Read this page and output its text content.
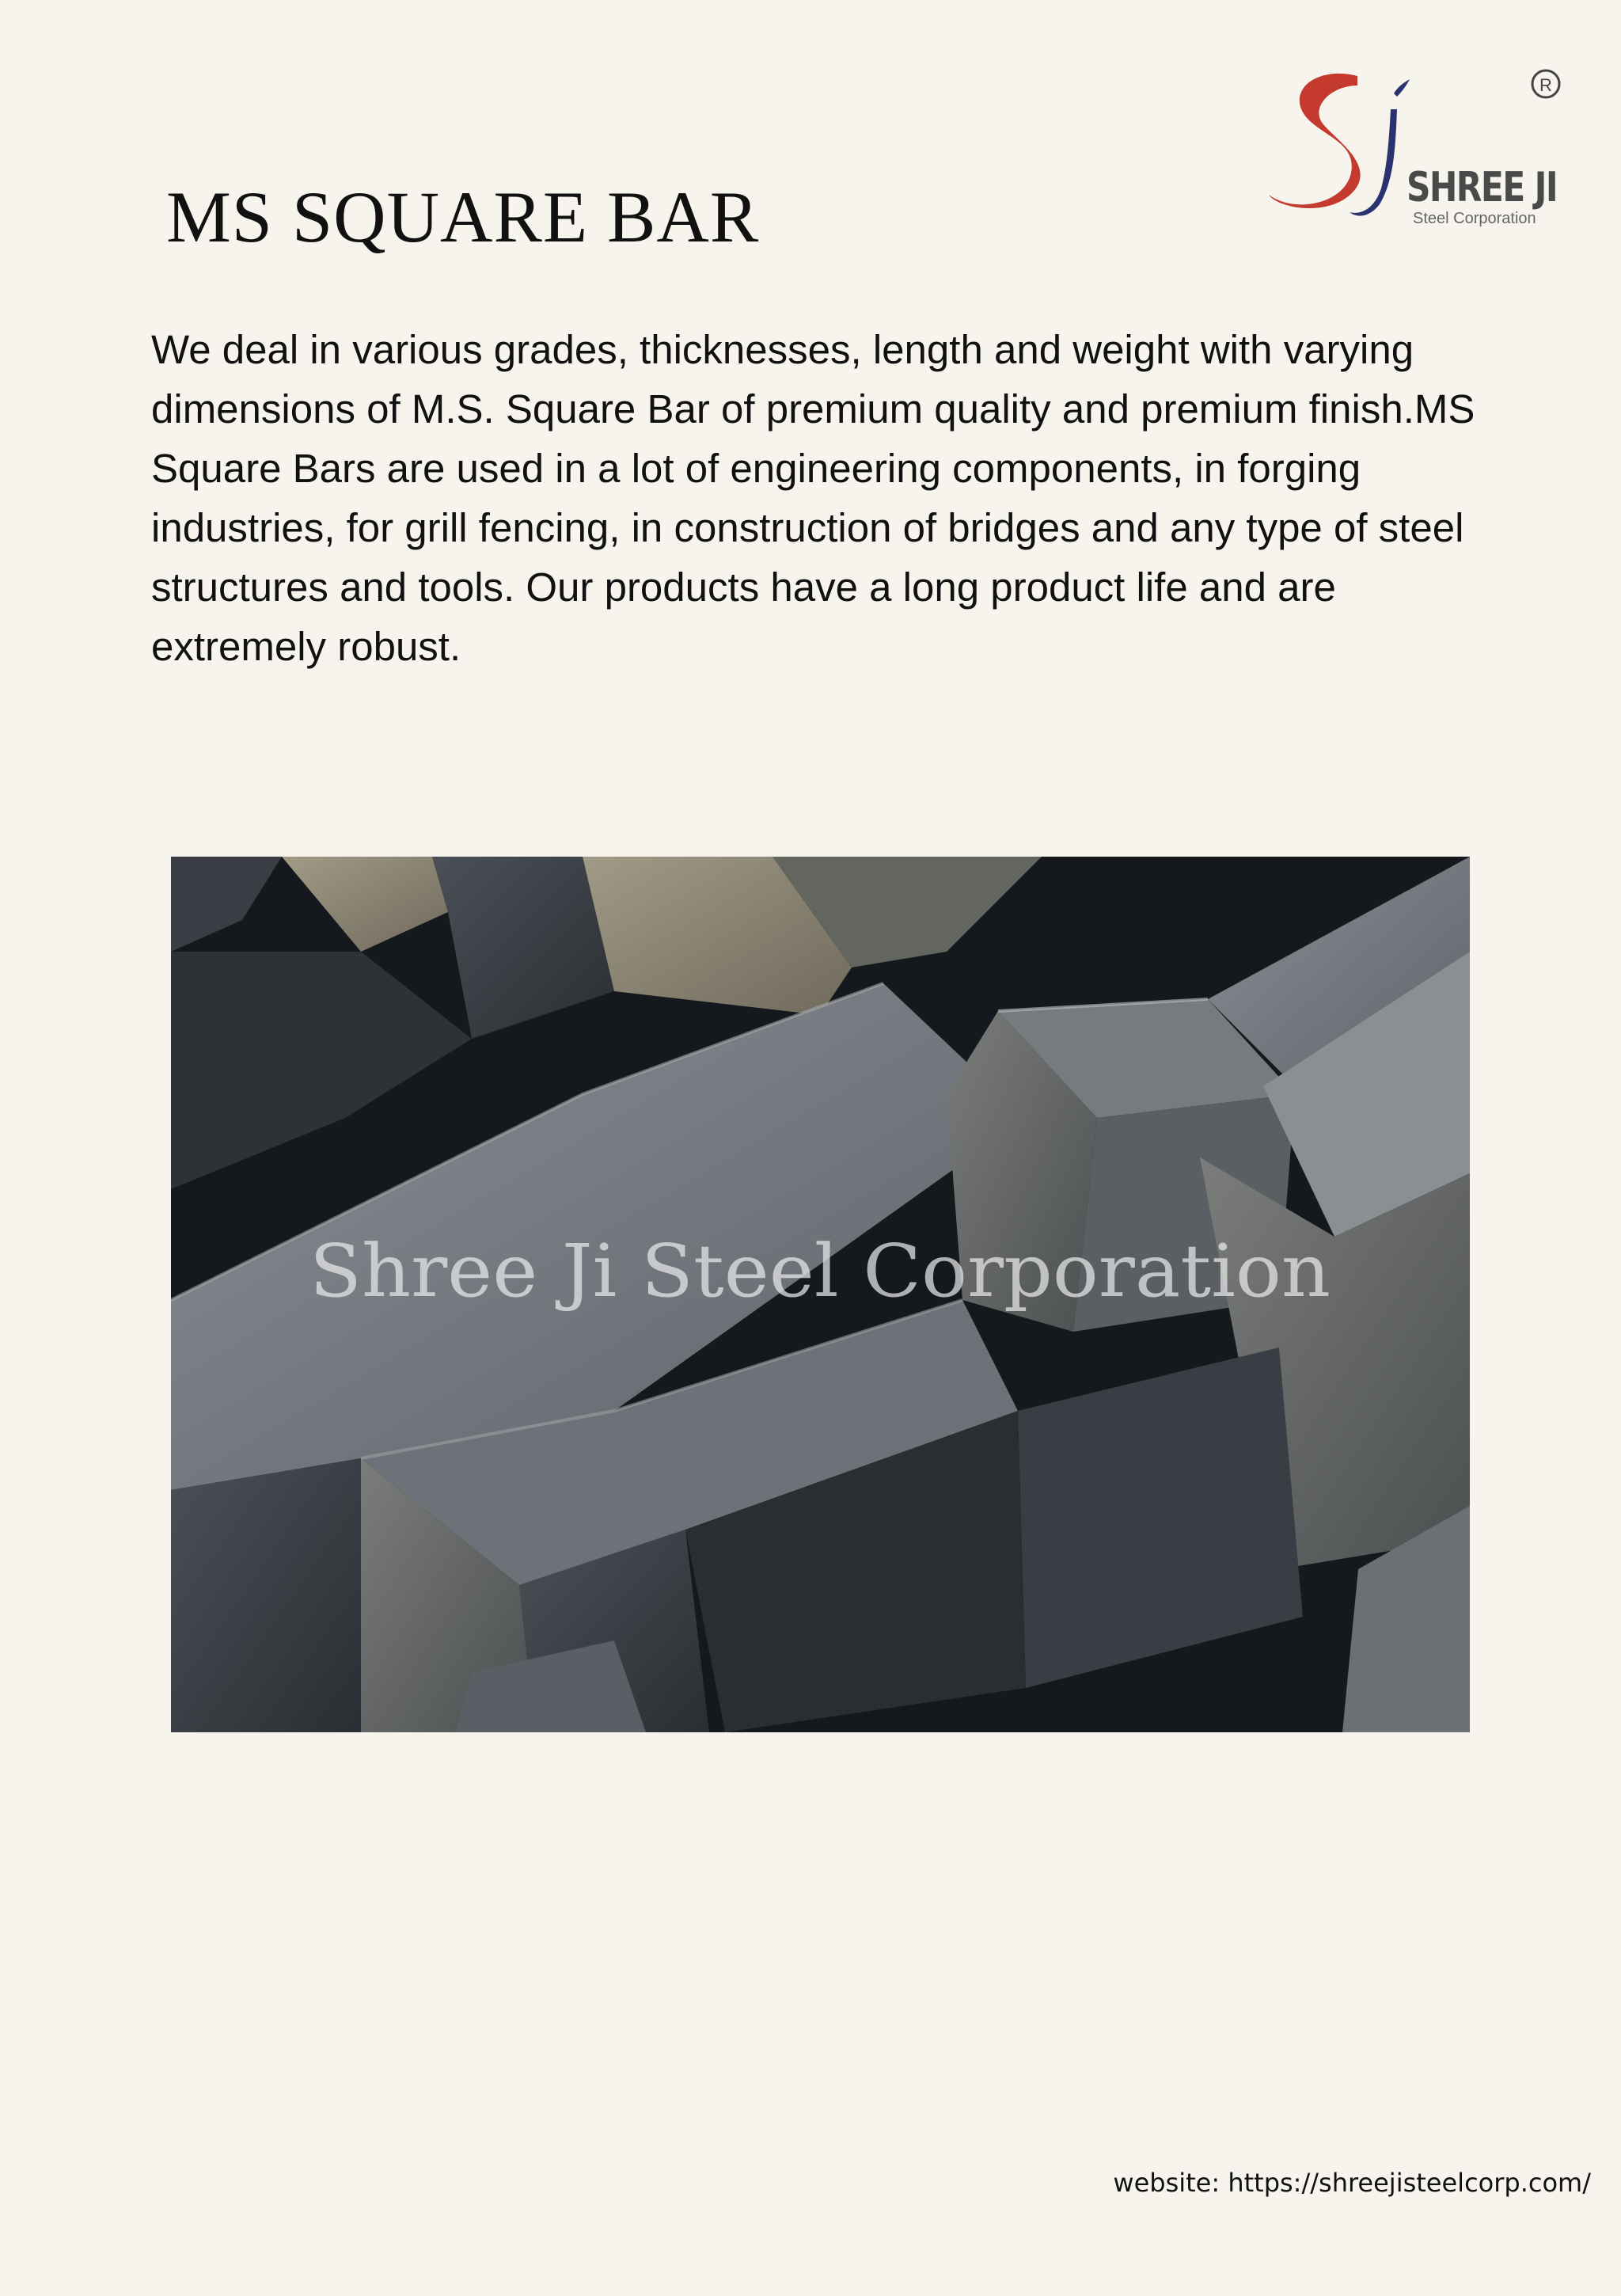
MS SQUARE BAR
R
SHREE JI
Steel Corporation

We deal in various grades, thicknesses, length and weight with varying dimensions of M.S. Square Bar of premium quality and premium finish.MS Square Bars are used in a lot of engineering components, in forging industries, for grill fencing, in construction of bridges and any type of steel structures and tools. Our products have a long product life and are extremely robust.

Shree Ji Steel Corporation
website: https://shreejisteelcorp.com/
